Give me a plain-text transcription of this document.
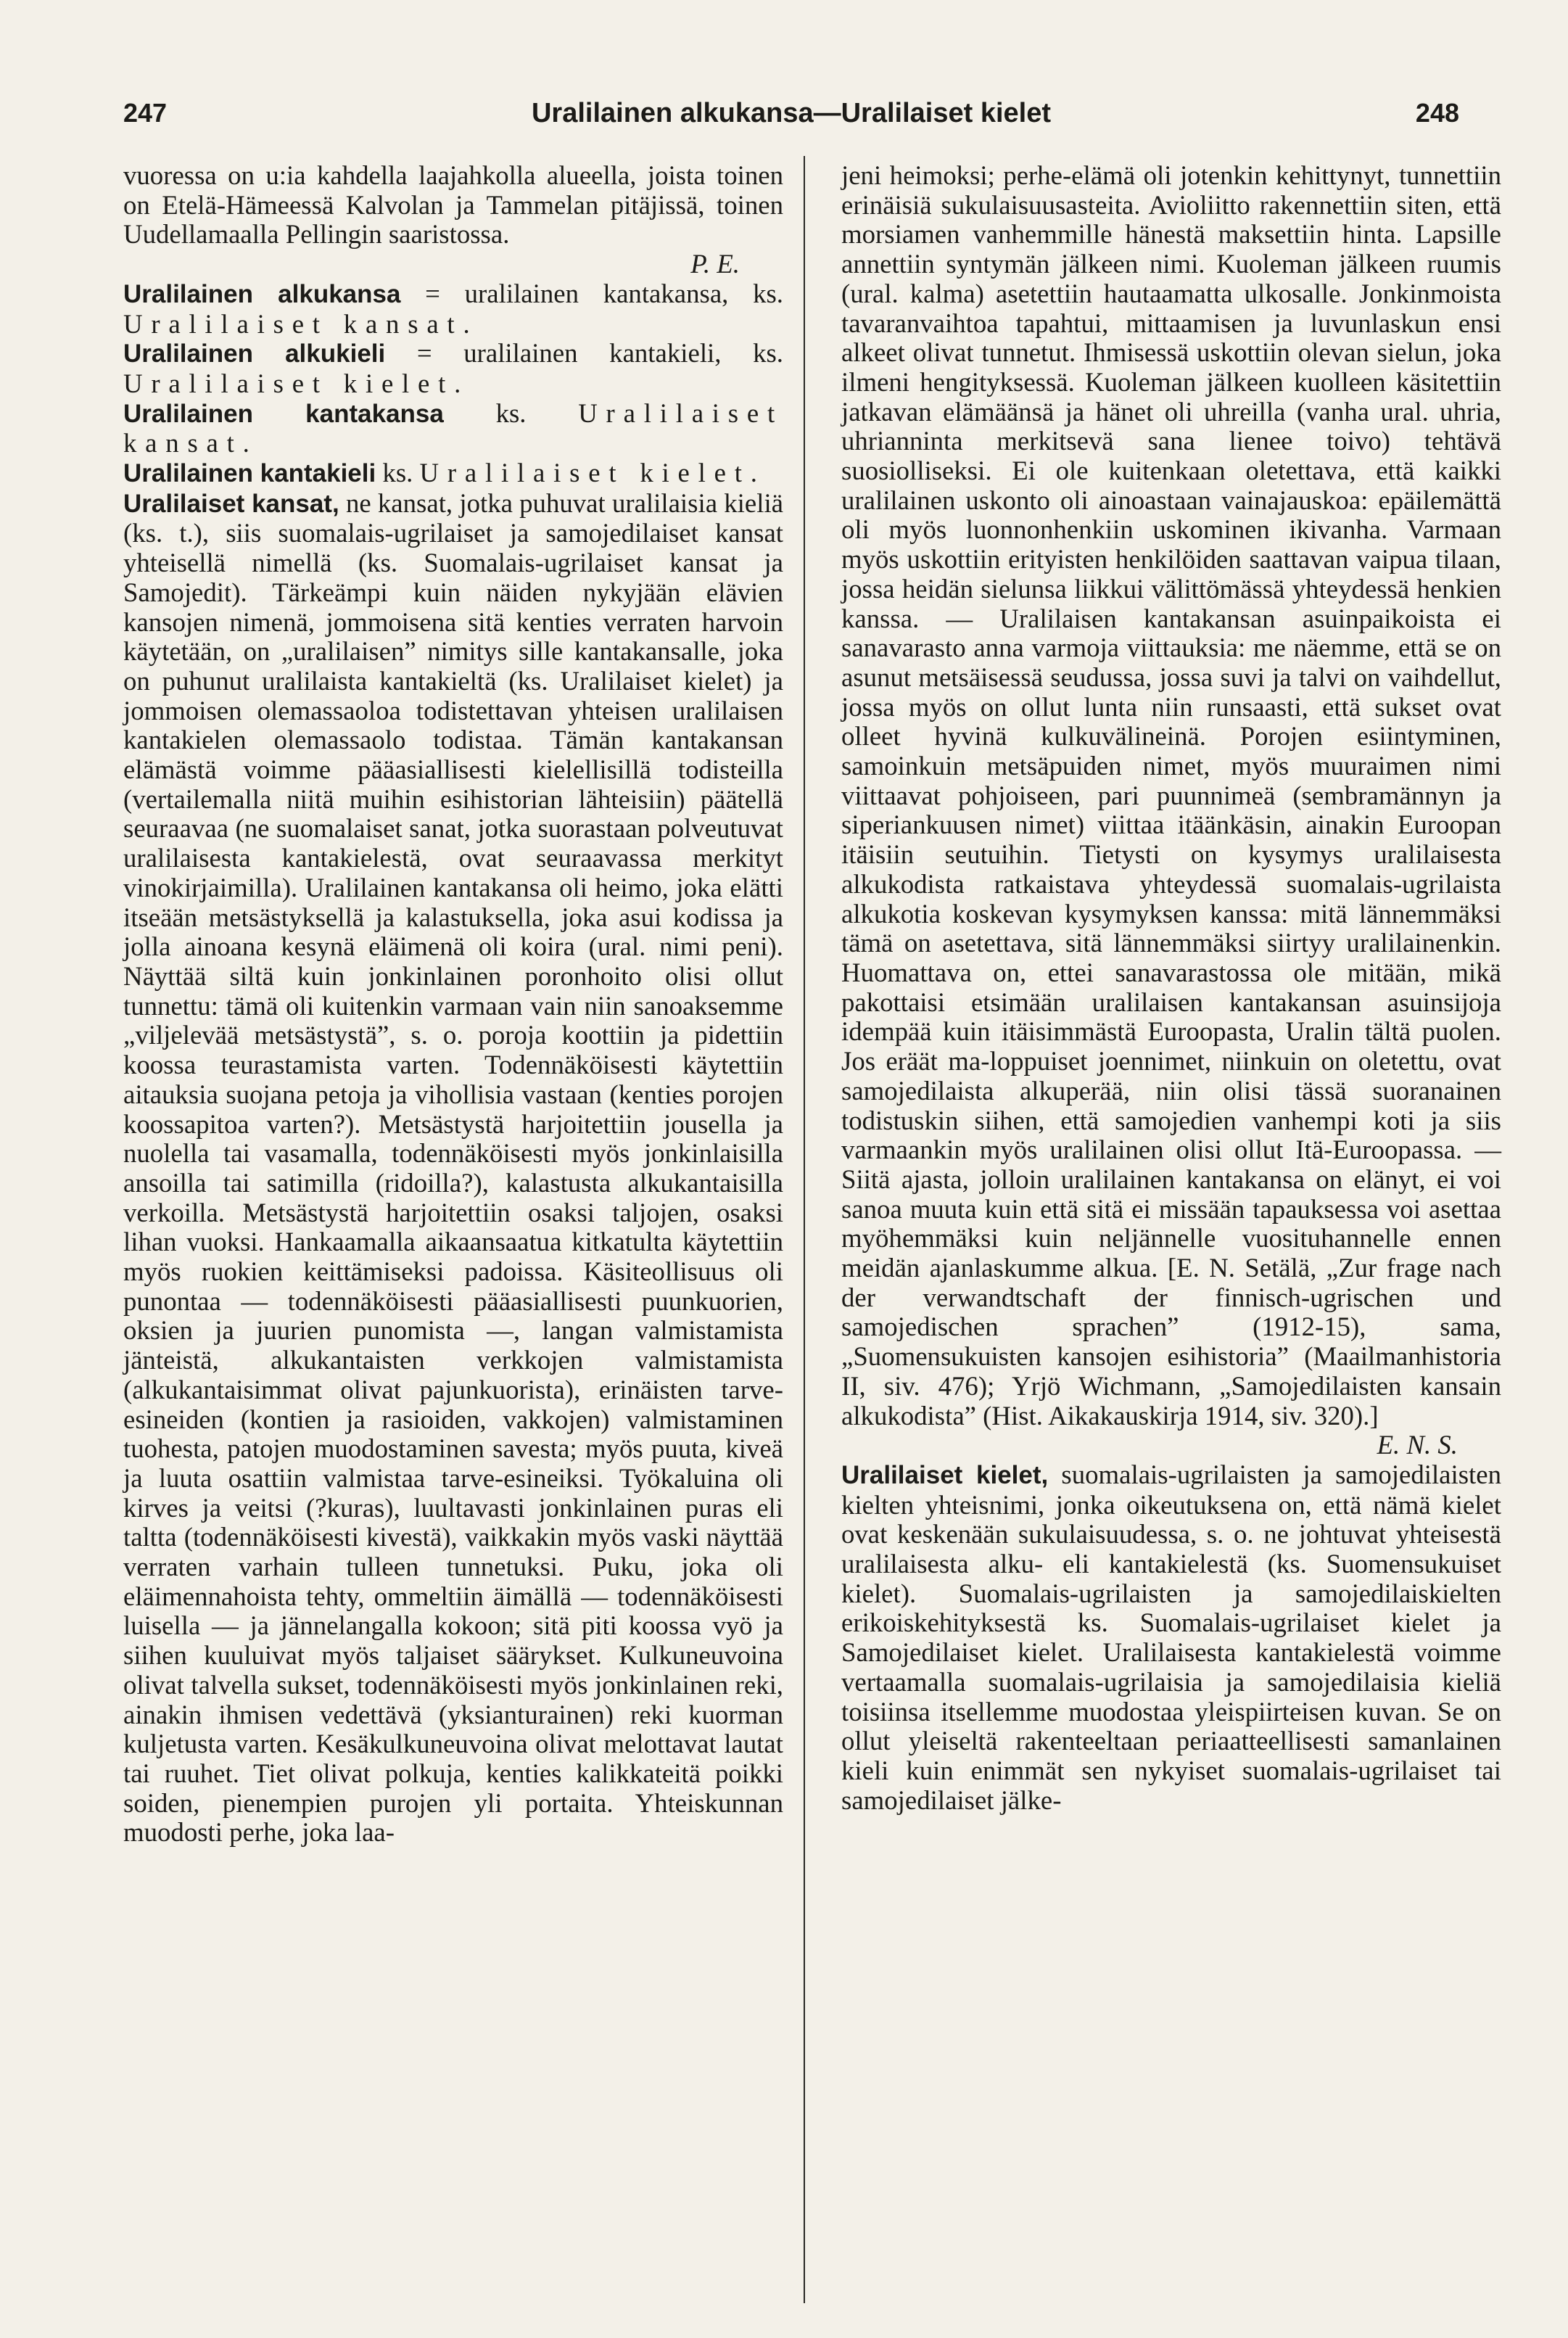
247	Uralilainen alkukansa—Uralilaiset kielet	248

vuoressa on u:ia kahdella laajahkolla alueella, joista toinen on Etelä-Hämeessä Kalvolan ja Tammelan pitäjissä, toinen Uudellamaalla Pellingin saaristossa.

P. E.

Uralilainen alkukansa = uralilainen kantakansa, ks. Uralilaiset kansat.

Uralilainen alkukieli = uralilainen kantakieli, ks. Uralilaiset kielet.

Uralilainen kantakansa ks. Uralilaiset kansat.

Uralilainen kantakieli ks. Uralilaiset kielet.

Uralilaiset kansat, ne kansat, jotka puhuvat uralilaisia kieliä (ks. t.), siis suomalais-ugrilaiset ja samojedilaiset kansat yhteisellä nimellä (ks. Suomalais-ugrilaiset kansat ja Samojedit). Tärkeämpi kuin näiden nykyjään elävien kansojen nimenä, jommoisena sitä kenties verraten harvoin käytetään, on „uralilaisen” nimitys sille kantakansalle, joka on puhunut uralilaista kantakieltä (ks. Uralilaiset kielet) ja jommoisen olemassaoloa todistettavan yhteisen uralilaisen kantakielen olemassaolo todistaa. Tämän kantakansan elämästä voimme pääasiallisesti kielellisillä todisteilla (vertailemalla niitä muihin esihistorian lähteisiin) päätellä seuraavaa (ne suomalaiset sanat, jotka suorastaan polveutuvat uralilaisesta kantakielestä, ovat seuraavassa merkityt vinokirjaimilla). Uralilainen kantakansa oli heimo, joka elätti itseään metsästyksellä ja kalastuksella, joka asui kodissa ja jolla ainoana kesynä eläimenä oli koira (ural. nimi peni). Näyttää siltä kuin jonkinlainen poronhoito olisi ollut tunnettu: tämä oli kuitenkin varmaan vain niin sanoaksemme „viljelevää metsästystä”, s. o. poroja koottiin ja pidettiin koossa teurastamista varten. Todennäköisesti käytettiin aitauksia suojana petoja ja vihollisia vastaan (kenties porojen koossapitoa varten?). Metsästystä harjoitettiin jousella ja nuolella tai vasamalla, todennäköisesti myös jonkinlaisilla ansoilla tai satimilla (ridoilla?), kalastusta alkukantaisilla verkoilla. Metsästystä harjoitettiin osaksi taljojen, osaksi lihan vuoksi. Hankaamalla aikaansaatua kitkatulta käytettiin myös ruokien keittämiseksi padoissa. Käsiteollisuus oli punontaa — todennäköisesti pääasiallisesti puunkuorien, oksien ja juurien punomista —, langan valmistamista jänteistä, alkukantaisten verkkojen valmistamista (alkukantaisimmat olivat pajunkuorista), erinäisten tarve-esineiden (kontien ja rasioiden, vakkojen) valmistaminen tuohesta, patojen muodostaminen savesta; myös puuta, kiveä ja luuta osattiin valmistaa tarve-esineiksi. Työkaluina oli kirves ja veitsi (?kuras), luultavasti jonkinlainen puras eli taltta (todennäköisesti kivestä), vaikkakin myös vaski näyttää verraten varhain tulleen tunnetuksi. Puku, joka oli eläimennahoista tehty, ommeltiin äimällä — todennäköisesti luisella — ja jännelangalla kokoon; sitä piti koossa vyö ja siihen kuuluivat myös taljaiset säärykset. Kulkuneuvoina olivat talvella sukset, todennäköisesti myös jonkinlainen reki, ainakin ihmisen vedettävä (yksianturainen) reki kuorman kuljetusta varten. Kesäkulkuneuvoina olivat melottavat lautat tai ruuhet. Tiet olivat polkuja, kenties kalikkateitä poikki soiden, pienempien purojen yli portaita. Yhteiskunnan muodosti perhe, joka laa-

jeni heimoksi; perhe-elämä oli jotenkin kehittynyt, tunnettiin erinäisiä sukulaisuusasteita. Avioliitto rakennettiin siten, että morsiamen vanhemmille hänestä maksettiin hinta. Lapsille annettiin syntymän jälkeen nimi. Kuoleman jälkeen ruumis (ural. kalma) asetettiin hautaamatta ulkosalle. Jonkinmoista tavaranvaihtoa tapahtui, mittaamisen ja luvunlaskun ensi alkeet olivat tunnetut. Ihmisessä uskottiin olevan sielun, joka ilmeni hengityksessä. Kuoleman jälkeen kuolleen käsitettiin jatkavan elämäänsä ja hänet oli uhreilla (vanha ural. uhria, uhrianninta merkitsevä sana lienee toivo) tehtävä suosiolliseksi. Ei ole kuitenkaan oletettava, että kaikki uralilainen uskonto oli ainoastaan vainajauskoa: epäilemättä oli myös luonnonhenkiin uskominen ikivanha. Varmaan myös uskottiin erityisten henkilöiden saattavan vaipua tilaan, jossa heidän sielunsa liikkui välittömässä yhteydessä henkien kanssa. — Uralilaisen kantakansan asuinpaikoista ei sanavarasto anna varmoja viittauksia: me näemme, että se on asunut metsäisessä seudussa, jossa suvi ja talvi on vaihdellut, jossa myös on ollut lunta niin runsaasti, että sukset ovat olleet hyvinä kulkuvälineinä. Porojen esiintyminen, samoinkuin metsäpuiden nimet, myös muuraimen nimi viittaavat pohjoiseen, pari puunnimeä (sembramännyn ja siperiankuusen nimet) viittaa itäänkäsin, ainakin Euroopan itäisiin seutuihin. Tietysti on kysymys uralilaisesta alkukodista ratkaistava yhteydessä suomalais-ugrilaista alkukotia koskevan kysymyksen kanssa: mitä lännemmäksi tämä on asetettava, sitä lännemmäksi siirtyy uralilainenkin. Huomattava on, ettei sanavarastossa ole mitään, mikä pakottaisi etsimään uralilaisen kantakansan asuinsijoja idempää kuin itäisimmästä Euroopasta, Uralin tältä puolen. Jos eräät ma-loppuiset joennimet, niinkuin on oletettu, ovat samojedilaista alkuperää, niin olisi tässä suoranainen todistuskin siihen, että samojedien vanhempi koti ja siis varmaankin myös uralilainen olisi ollut Itä-Euroopassa. — Siitä ajasta, jolloin uralilainen kantakansa on elänyt, ei voi sanoa muuta kuin että sitä ei missään tapauksessa voi asettaa myöhemmäksi kuin neljännelle vuosituhannelle ennen meidän ajanlaskumme alkua. [E. N. Setälä, „Zur frage nach der verwandtschaft der finnisch-ugrischen und samojedischen sprachen” (1912-15), sama, „Suomensukuisten kansojen esihistoria” (Maailmanhistoria II, siv. 476); Yrjö Wichmann, „Samojedilaisten kansain alkukodista” (Hist. Aikakauskirja 1914, siv. 320).]

E. N. S.

Uralilaiset kielet, suomalais-ugrilaisten ja samojedilaisten kielten yhteisnimi, jonka oikeutuksena on, että nämä kielet ovat keskenään sukulaisuudessa, s. o. ne johtuvat yhteisestä uralilaisesta alku- eli kantakielestä (ks. Suomensukuiset kielet). Suomalais-ugrilaisten ja samojedilaiskielten erikoiskehityksestä ks. Suomalais-ugrilaiset kielet ja Samojedilaiset kielet. Uralilaisesta kantakielestä voimme vertaamalla suomalais-ugrilaisia ja samojedilaisia kieliä toisiinsa itsellemme muodostaa yleispiirteisen kuvan. Se on ollut yleiseltä rakenteeltaan periaatteellisesti samanlainen kieli kuin enimmät sen nykyiset suomalais-ugrilaiset tai samojedilaiset jälke-
